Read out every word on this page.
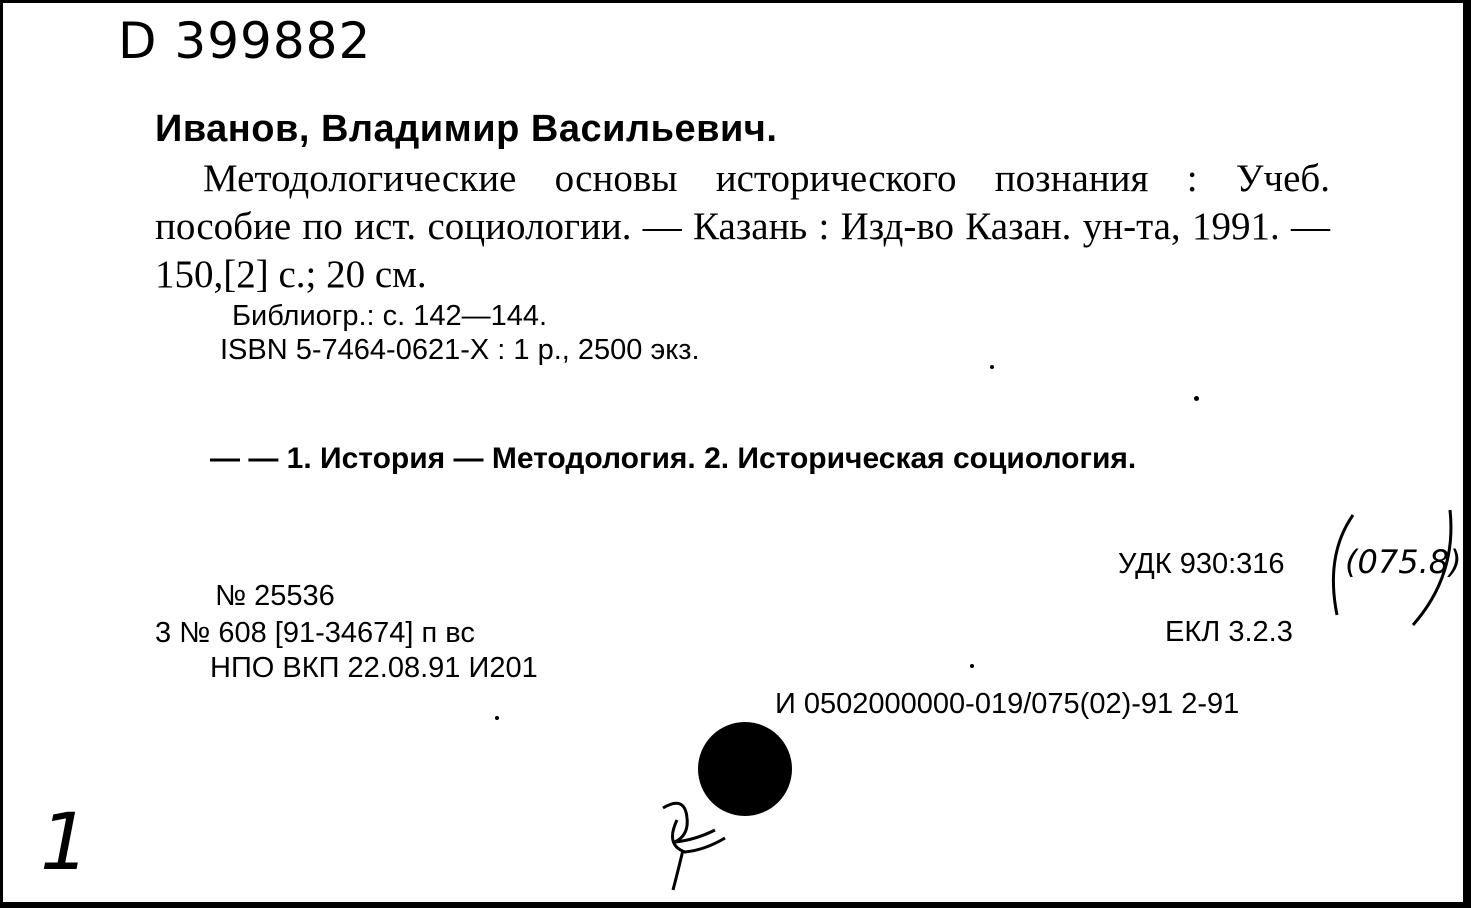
D 399882
Иванов, Владимир Васильевич.
Методологические основы исторического познания : Учеб. пособие по ист. социологии. — Казань : Изд-во Казан. ун-та, 1991. — 150,[2] с.; 20 см.
Библиогр.: с. 142—144.
ISBN 5-7464-0621-X : 1 р., 2500 экз.
— — 1. История — Методология. 2. Историческая социология.
УДК 930:316
ЕКЛ 3.2.3
№ 25536
3 № 608 [91-34674] п вс
НПО ВКП 22.08.91 И201
И 0502000000-019/075(02)-91 2-91
(075.8)
1
